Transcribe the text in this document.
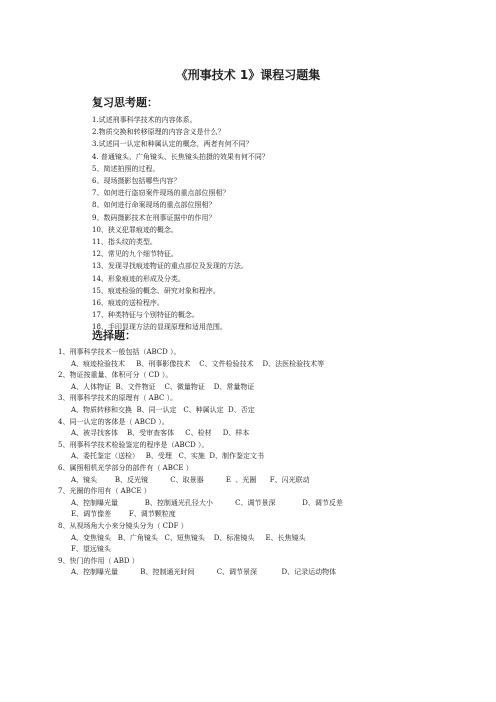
《刑事技术 1》课程习题集
复习思考题：
1.试述刑事科学技术的内容体系。
2.物质交换和转移原理的内容含义是什么？
3.试述同一认定和种属认定的概念，两者有何不同？
4. 普通镜头、广角镜头、长焦镜头拍摄的效果有何不同？
5、简述拍照的过程。
6、现场摄影包括哪些内容？
7、如何进行盗窃案件现场的重点部位照相？
8、如何进行命案现场的重点部位照相？
9、数码摄影技术在刑事证据中的作用？
10、狭义犯罪痕迹的概念。
11、指头纹的类型。
12、常见的九个细节特征。
13、发现寻找痕迹物证的重点部位及发现的方法。
14、形象痕迹的形成及分类。
15、痕迹检验的概念、研究对象和程序。
16、痕迹的送检程序。
17、种类特征与个别特征的概念。
18、手印显现方法的显现原理和适用范围。
选择题：
1、刑事科学技术一般包括（ABCD ）。
A、痕迹检验技术     B、刑事影像技术    C、文件检验技术    D、法医检验技术等
2、物证按重量、体积可分（ CD ）。
A、人体物证  B、文件物证    C、微量物证    D、常量物证
3、刑事科学技术的原理有（ ABC ）。
A、物质转移和交换  B、同一认定   C、种属认定  D、否定
4、同一认定的客体是（ ABCD ）。
A、被寻找客体    B、受审查客体     C、检材     D、样本
5、刑事科学技术检验鉴定的程序是（ABCD ）。
A、委托鉴定（送检）   B、受理   C、实施  D、制作鉴定文书
6、属照相机光学部分的部件有（ ABCE ）
A、镜头        B、反光镜          C、取景器          E  、光圈      F、闪光联动
7、光圈的作用有（ ABCE ）
A、控制曝光量            B、控制通光孔径大小          C、调节景深            D、调节反差
E、调节像差        F、调节颗粒度
8、从视场角大小来分镜头分为（ CDF ）
A、变焦镜头   B、广角镜头   C、短焦镜头    D、标准镜头     E、长焦镜头
F、望远镜头
9、快门的作用（ ABD ）
A、控制曝光量          B、控制通光时间          C、调节景深           D、记录运动物体
